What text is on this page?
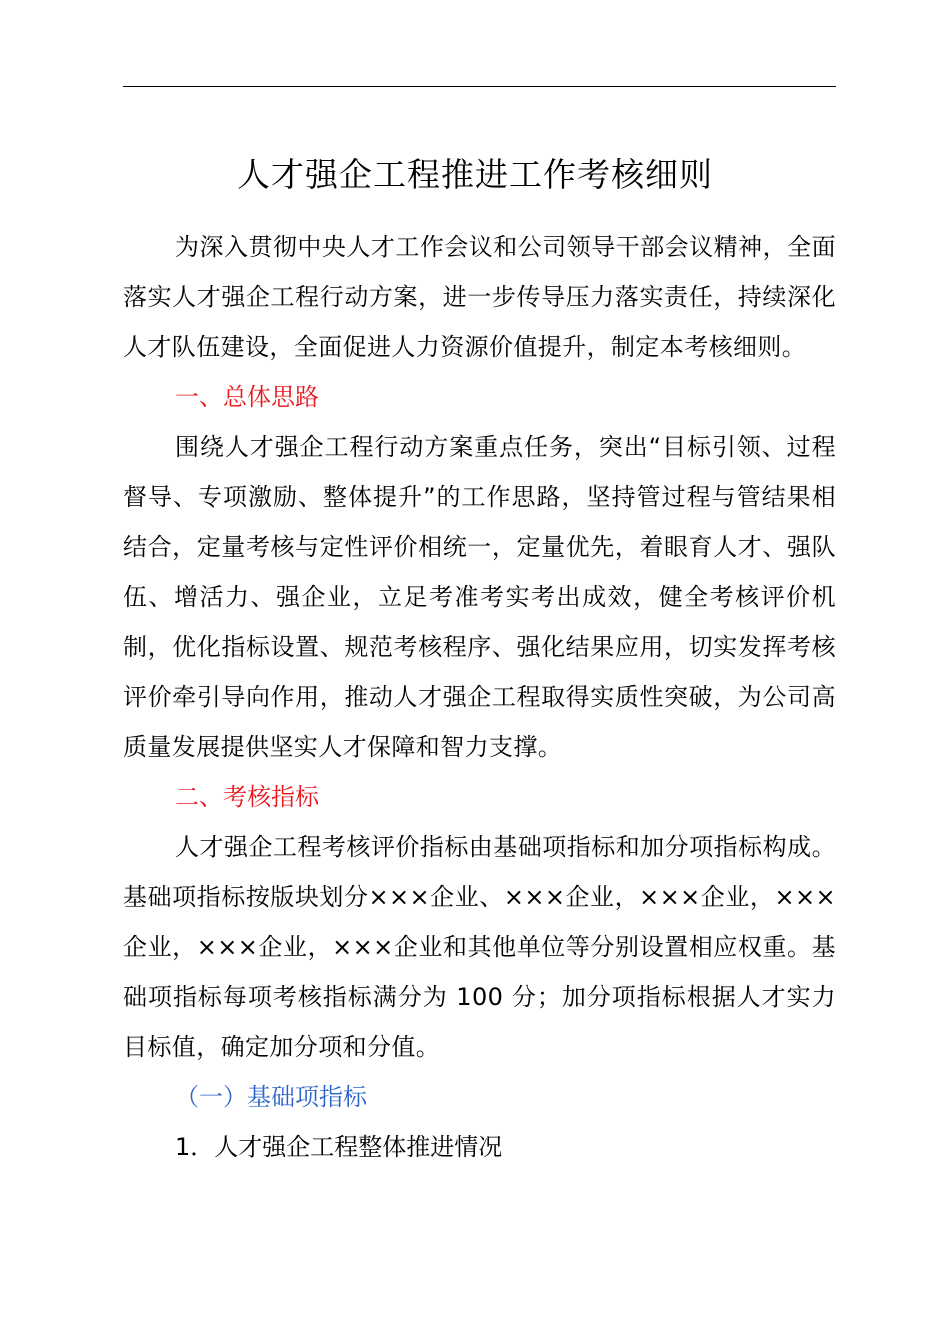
人才强企工程推进工作考核细则

为深入贯彻中央人才工作会议和公司领导干部会议精神，全面落实人才强企工程行动方案，进一步传导压力落实责任，持续深化人才队伍建设，全面促进人力资源价值提升，制定本考核细则。

一、总体思路

围绕人才强企工程行动方案重点任务，突出“目标引领、过程督导、专项激励、整体提升”的工作思路，坚持管过程与管结果相结合，定量考核与定性评价相统一，定量优先，着眼育人才、强队伍、增活力、强企业，立足考准考实考出成效，健全考核评价机制，优化指标设置、规范考核程序、强化结果应用，切实发挥考核评价牵引导向作用，推动人才强企工程取得实质性突破，为公司高质量发展提供坚实人才保障和智力支撑。

二、考核指标

人才强企工程考核评价指标由基础项指标和加分项指标构成。基础项指标按版块划分×××企业、×××企业，×××企业，×××企业，×××企业，×××企业和其他单位等分别设置相应权重。基础项指标每项考核指标满分为 100 分；加分项指标根据人才实力目标值，确定加分项和分值。

（一）基础项指标

1．人才强企工程整体推进情况
